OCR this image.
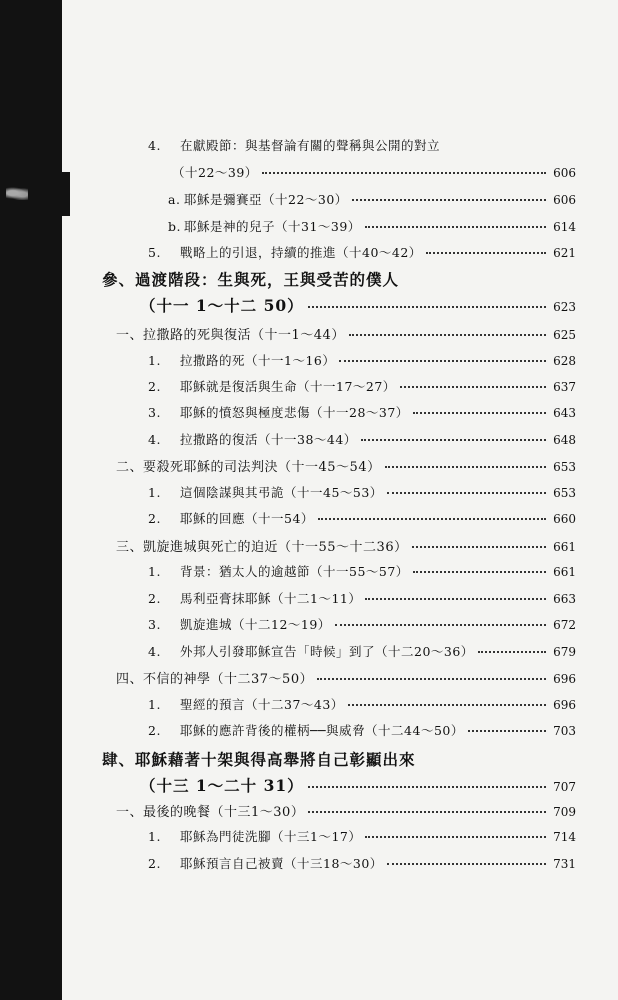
4. 在獻殿節：與基督論有關的聲稱與公開的對立
（十22～39）	606
a. 耶穌是彌賽亞（十22～30）	606
b. 耶穌是神的兒子（十31～39）	614
5. 戰略上的引退，持續的推進（十40～42）	621
參、過渡階段：生與死，王與受苦的僕人
（十一 1～十二 50）	623
一、拉撒路的死與復活（十一1～44）	625
1. 拉撒路的死（十一1～16）	628
2. 耶穌就是復活與生命（十一17～27）	637
3. 耶穌的憤怒與極度悲傷（十一28～37）	643
4. 拉撒路的復活（十一38～44）	648
二、要殺死耶穌的司法判決（十一45～54）	653
1. 這個陰謀與其弔詭（十一45～53）	653
2. 耶穌的回應（十一54）	660
三、凱旋進城與死亡的迫近（十一55～十二36）	661
1. 背景：猶太人的逾越節（十一55～57）	661
2. 馬利亞膏抹耶穌（十二1～11）	663
3. 凱旋進城（十二12～19）	672
4. 外邦人引發耶穌宣告「時候」到了（十二20～36）	679
四、不信的神學（十二37～50）	696
1. 聖經的預言（十二37～43）	696
2. 耶穌的應許背後的權柄──與威脅（十二44～50）	703
肆、耶穌藉著十架與得高舉將自己彰顯出來
（十三 1～二十 31）	707
一、最後的晚餐（十三1～30）	709
1. 耶穌為門徒洗腳（十三1～17）	714
2. 耶穌預言自己被賣（十三18～30）	731
